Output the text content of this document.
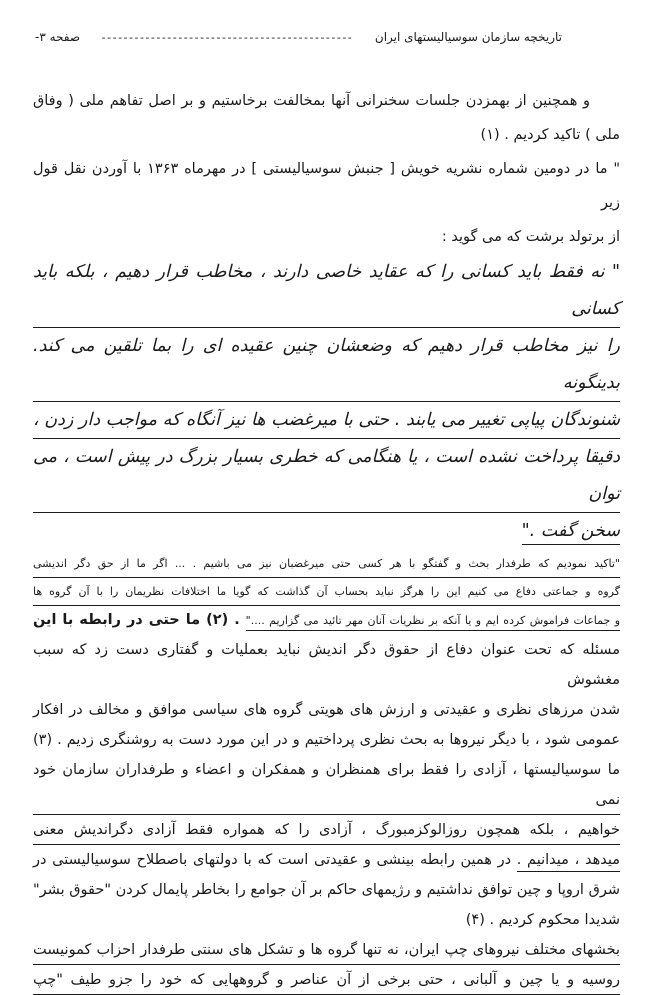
تاريخچه سازمان سوسياليستهاى ايران
----------------------------------------------
صفحه ۳-
و همچنين از بهمزدن جلسات سخنرانى آنها بمخالفت برخاستيم و بر اصل تفاهم ملى ( وفاق
ملى ) تاكيد كرديم . (۱)
" ما در دومين شماره نشريه خويش [ جنبش سوسياليستى ] در مهرماه ۱۳۶۳ با آوردن نقل قول زير
از برتولد برشت كه مى گويد :
" نه فقط بايد كسانى را كه عقايد خاصى دارند ، مخاطب قرار دهيم ، بلكه بايد كسانى
را نيز مخاطب قرار دهيم كه وضعشان چنين عقيده اى را بما تلقين مى كند. بدينگونه
شنوندگان پياپى تغيير مى يابند . حتى با ميرغضب ها نيز آنگاه كه مواجب دار زدن ،
دقيقا پرداخت نشده است ، يا هنگامى كه خطرى بسيار بزرگ در پيش است ، مى توان
سخن گفت ."
"تاكيد نموديم كه طرفدار بحث و گفتگو با هر كسى حتى ميرغضبان نيز مى باشيم . ... اگر ما از حق دگر انديشى
گروه و جماعتى دفاع مى كنيم اين را هرگز نبايد بحساب آن گذاشت كه گويا ما اختلافات نظريمان را با آن گروه ها
و جماعات فراموش كرده ايم و يا آنكه بر نظريات آنان مهر تائيد مى گزاريم ...." . (۲) ما حتى در رابطه با اين
مسئله كه تحت عنوان دفاع از حقوق دگر انديش نبايد بعمليات و گفتارى دست زد كه سبب مغشوش
شدن مرزهاى نظرى و عقيدتى و ارزش هاى هويتى گروه هاى سياسى موافق و مخالف در افكار
عمومى شود ، با ديگر نيروها به بحث نظرى پرداختيم و در اين مورد دست به روشنگرى زديم . (۳)
ما سوسياليستها ، آزادى را فقط براى همنظران و همفكران و اعضاء و طرفداران سازمان خود نمى
خواهيم ، بلكه همچون روزالوكزمبورگ ، آزادى را كه همواره فقط آزادى دگرانديش معنى
ميدهد ، ميدانيم . در همين رابطه بينشى و عقيدتى است كه با دولتهاى باصطلاح سوسياليستى در
شرق اروپا و چين توافق نداشتيم و رژيمهاى حاكم بر آن جوامع را بخاطر پايمال كردن "حقوق بشر"
شديدا محكوم كرديم . (۴)
بخشهاى مختلف نيروهاى چپ ايران، نه تنها گروه ها و تشكل هاى سنتى طرفدار احزاب كمونيست
روسيه و يا چين و آلبانى ، حتى برخى از آن عناصر و گروههايى كه خود را جزو طيف "چپ
